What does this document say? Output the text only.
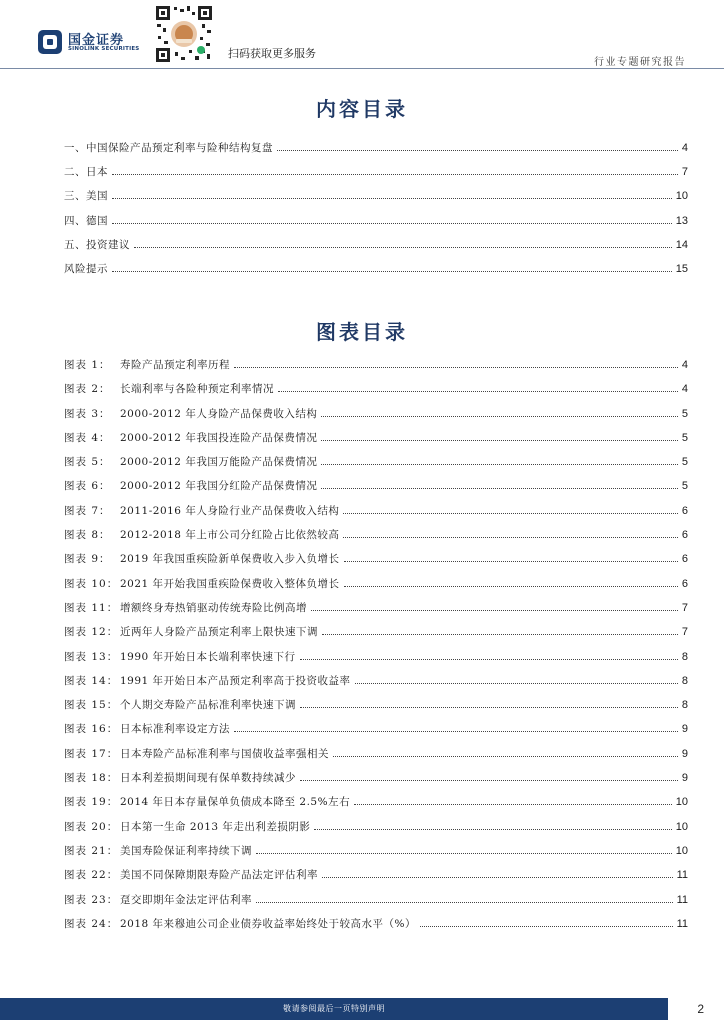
国金证券
SINOLINK SECURITIES	扫码获取更多服务
行业专题研究报告
内容目录
一、中国保险产品预定利率与险种结构复盘	4
二、日本	7
三、美国	10
四、德国	13
五、投资建议	14
风险提示	15
图表目录
图表 1： 寿险产品预定利率历程	4
图表 2： 长端利率与各险种预定利率情况	4
图表 3： 2000-2012 年人身险产品保费收入结构	5
图表 4： 2000-2012 年我国投连险产品保费情况	5
图表 5： 2000-2012 年我国万能险产品保费情况	5
图表 6： 2000-2012 年我国分红险产品保费情况	5
图表 7： 2011-2016 年人身险行业产品保费收入结构	6
图表 8： 2012-2018 年上市公司分红险占比依然较高	6
图表 9： 2019 年我国重疾险新单保费收入步入负增长	6
图表 10： 2021 年开始我国重疾险保费收入整体负增长	6
图表 11： 增额终身寿热销驱动传统寿险比例高增	7
图表 12： 近两年人身险产品预定利率上限快速下调	7
图表 13： 1990 年开始日本长端利率快速下行	8
图表 14： 1991 年开始日本产品预定利率高于投资收益率	8
图表 15： 个人期交寿险产品标准利率快速下调	8
图表 16： 日本标准利率设定方法	9
图表 17： 日本寿险产品标准利率与国债收益率强相关	9
图表 18： 日本利差损期间现有保单数持续减少	9
图表 19： 2014 年日本存量保单负债成本降至 2.5%左右	10
图表 20： 日本第一生命 2013 年走出利差损阴影	10
图表 21： 美国寿险保证利率持续下调	10
图表 22： 美国不同保障期限寿险产品法定评估利率	11
图表 23： 趸交即期年金法定评估利率	11
图表 24： 2018 年来穆迪公司企业债券收益率始终处于较高水平（%）	11
敬请参阅最后一页特别声明	2
